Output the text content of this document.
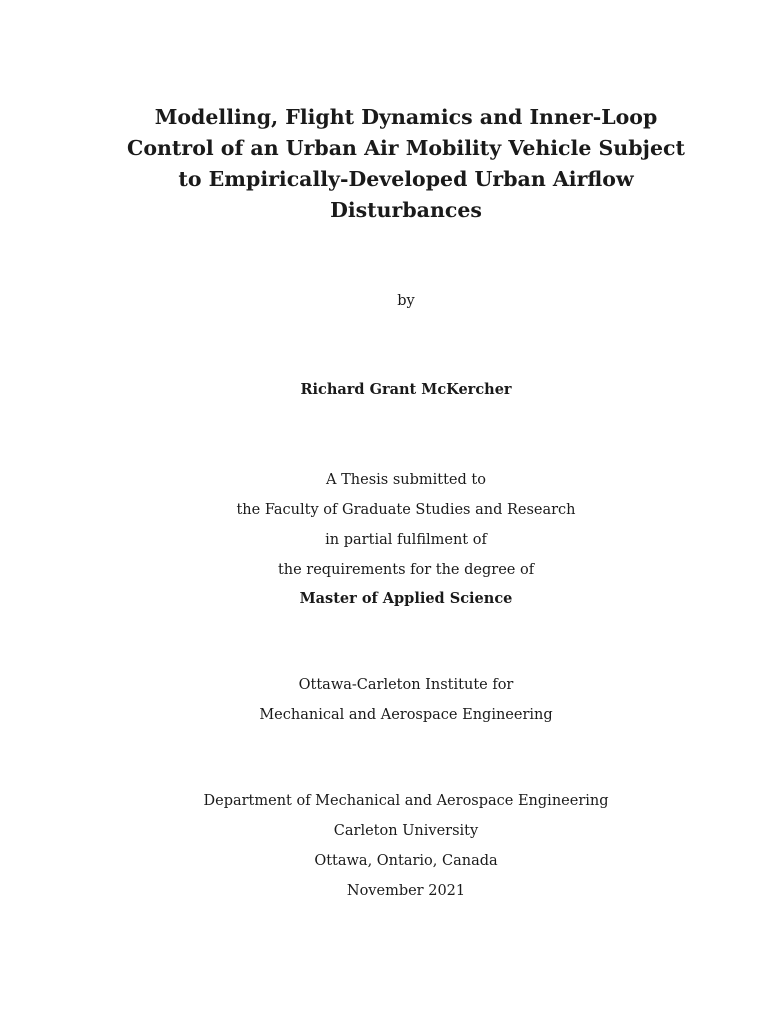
Modelling, Flight Dynamics and Inner-Loop
Control of an Urban Air Mobility Vehicle Subject
to Empirically-Developed Urban Airflow
Disturbances
by
Richard Grant McKercher
A Thesis submitted to
the Faculty of Graduate Studies and Research
in partial fulfilment of
the requirements for the degree of
Master of Applied Science
Ottawa-Carleton Institute for
Mechanical and Aerospace Engineering
Department of Mechanical and Aerospace Engineering
Carleton University
Ottawa, Ontario, Canada
November 2021
